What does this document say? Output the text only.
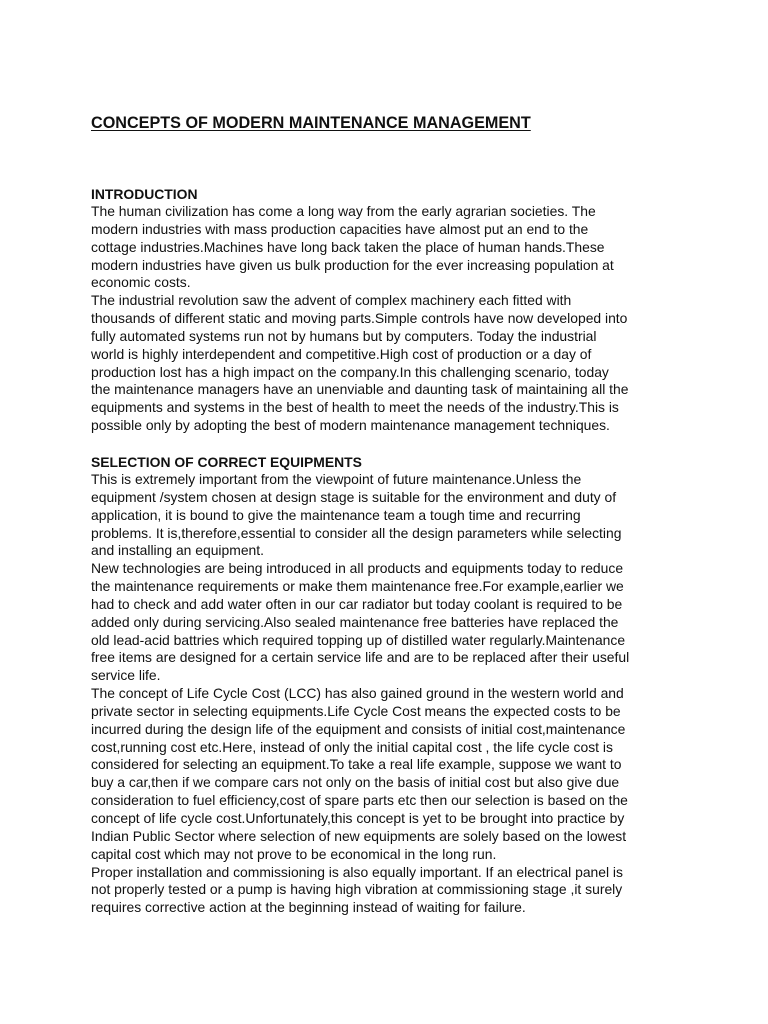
CONCEPTS OF MODERN MAINTENANCE MANAGEMENT
INTRODUCTION

The human civilization has come a long way from the early agrarian societies. The
modern industries with mass production capacities have almost put an end to the
cottage industries.Machines have long back taken the place of human hands.These
modern industries have given us bulk production for the ever increasing population at
economic costs.

The industrial revolution saw the advent of complex machinery each fitted with
thousands of different static and moving parts.Simple controls have now developed into
fully automated systems run not by humans but by computers. Today the industrial
world is highly interdependent and competitive.High cost of production or a day of
production lost has a high impact on the company.In this challenging scenario, today
the maintenance managers have an unenviable and daunting task of maintaining all the
equipments and systems in the best of health to meet the needs of the industry.This is
possible only by adopting the best of modern maintenance management techniques.

SELECTION OF CORRECT EQUIPMENTS

This is extremely important from the viewpoint of future maintenance.Unless the
equipment /system chosen at design stage is suitable for the environment and duty of
application, it is bound to give the maintenance team a tough time and recurring
problems. It is,therefore,essential to consider all the design parameters while selecting
and installing an equipment.

New technologies are being introduced in all products and equipments today to reduce
the maintenance requirements or make them maintenance free.For example,earlier we
had to check and add water often in our car radiator but today coolant is required to be
added only during servicing.Also sealed maintenance free batteries have replaced the
old lead-acid battries which required topping up of distilled water regularly.Maintenance
free items are designed for a certain service life and are to be replaced after their useful
service life.

The concept of Life Cycle Cost (LCC) has also gained ground in the western world and
private sector in selecting equipments.Life Cycle Cost means the expected costs to be
incurred during the design life of the equipment and consists of initial cost,maintenance
cost,running cost etc.Here, instead of only the initial capital cost , the life cycle cost is
considered for selecting an equipment.To take a real life example, suppose we want to
buy a car,then if we compare cars not only on the basis of initial cost but also give due
consideration to fuel efficiency,cost of spare parts etc then our selection is based on the
concept of life cycle cost.Unfortunately,this concept is yet to be brought into practice by
Indian Public Sector where selection of new equipments are solely based on the lowest
capital cost which may not prove to be economical in the long run.

Proper installation and commissioning is also equally important. If an electrical panel is
not properly tested or a pump is having high vibration at commissioning stage ,it surely
requires corrective action at the beginning instead of waiting for failure.
